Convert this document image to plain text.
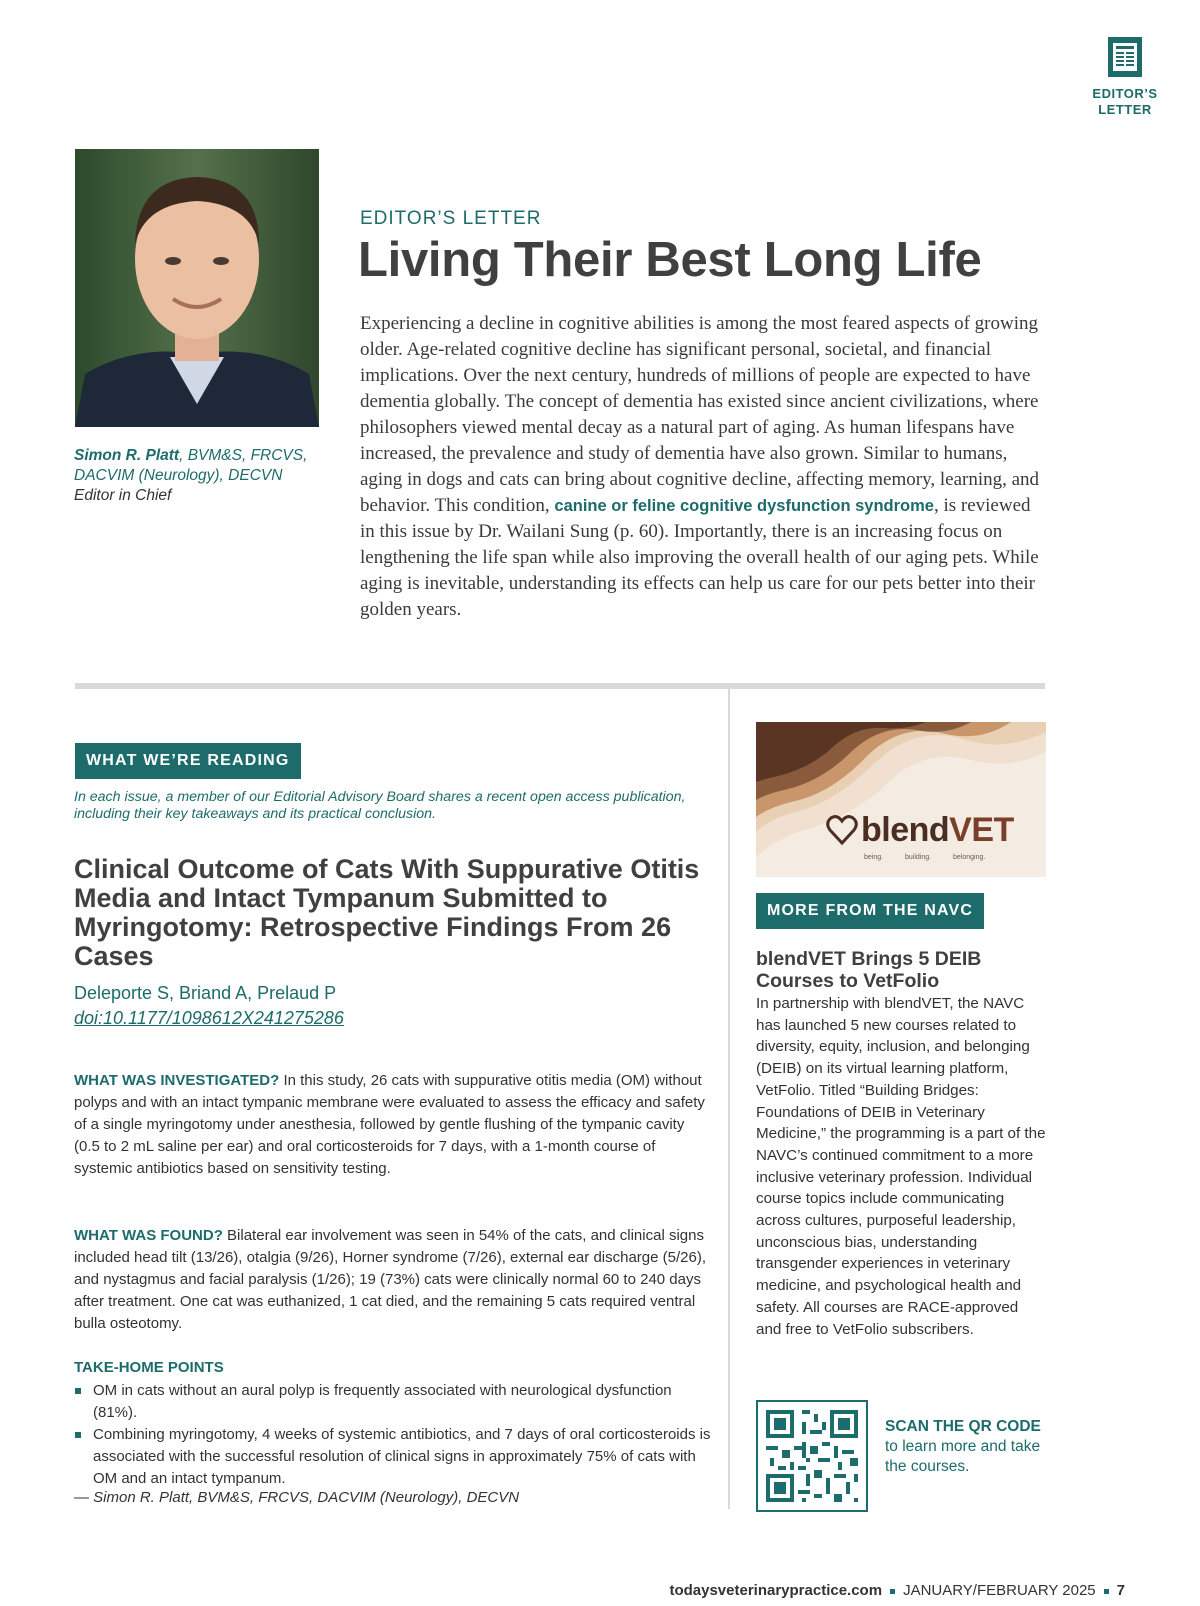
EDITOR’S LETTER
Simon R. Platt, BVM&S, FRCVS, DACVIM (Neurology), DECVN
Editor in Chief
EDITOR’S LETTER
Living Their Best Long Life
Experiencing a decline in cognitive abilities is among the most feared aspects of growing older. Age-related cognitive decline has significant personal, societal, and financial implications. Over the next century, hundreds of millions of people are expected to have dementia globally. The concept of dementia has existed since ancient civilizations, where philosophers viewed mental decay as a natural part of aging. As human lifespans have increased, the prevalence and study of dementia have also grown. Similar to humans, aging in dogs and cats can bring about cognitive decline, affecting memory, learning, and behavior. This condition, canine or feline cognitive dysfunction syndrome, is reviewed in this issue by Dr. Wailani Sung (p. 60). Importantly, there is an increasing focus on lengthening the life span while also improving the overall health of our aging pets. While aging is inevitable, understanding its effects can help us care for our pets better into their golden years.
WHAT WE’RE READING
In each issue, a member of our Editorial Advisory Board shares a recent open access publication, including their key takeaways and its practical conclusion.
Clinical Outcome of Cats With Suppurative Otitis Media and Intact Tympanum Submitted to Myringotomy: Retrospective Findings From 26 Cases
Deleporte S, Briand A, Prelaud P
doi:10.1177/1098612X241275286
WHAT WAS INVESTIGATED? In this study, 26 cats with suppurative otitis media (OM) without polyps and with an intact tympanic membrane were evaluated to assess the efficacy and safety of a single myringotomy under anesthesia, followed by gentle flushing of the tympanic cavity (0.5 to 2 mL saline per ear) and oral corticosteroids for 7 days, with a 1-month course of systemic antibiotics based on sensitivity testing.
WHAT WAS FOUND? Bilateral ear involvement was seen in 54% of the cats, and clinical signs included head tilt (13/26), otalgia (9/26), Horner syndrome (7/26), external ear discharge (5/26), and nystagmus and facial paralysis (1/26); 19 (73%) cats were clinically normal 60 to 240 days after treatment. One cat was euthanized, 1 cat died, and the remaining 5 cats required ventral bulla osteotomy.
TAKE-HOME POINTS
OM in cats without an aural polyp is frequently associated with neurological dysfunction (81%).
Combining myringotomy, 4 weeks of systemic antibiotics, and 7 days of oral corticosteroids is associated with the successful resolution of clinical signs in approximately 75% of cats with OM and an intact tympanum.
— Simon R. Platt, BVM&S, FRCVS, DACVIM (Neurology), DECVN
blendVET
being. building. belonging.
MORE FROM THE NAVC
blendVET Brings 5 DEIB Courses to VetFolio
In partnership with blendVET, the NAVC has launched 5 new courses related to diversity, equity, inclusion, and belonging (DEIB) on its virtual learning platform, VetFolio. Titled “Building Bridges: Foundations of DEIB in Veterinary Medicine,” the programming is a part of the NAVC’s continued commitment to a more inclusive veterinary profession. Individual course topics include communicating across cultures, purposeful leadership, unconscious bias, understanding transgender experiences in veterinary medicine, and psychological health and safety. All courses are RACE-approved and free to VetFolio subscribers.
SCAN THE QR CODE to learn more and take the courses.
todaysveterinarypractice.com JANUARY/FEBRUARY 2025 7
